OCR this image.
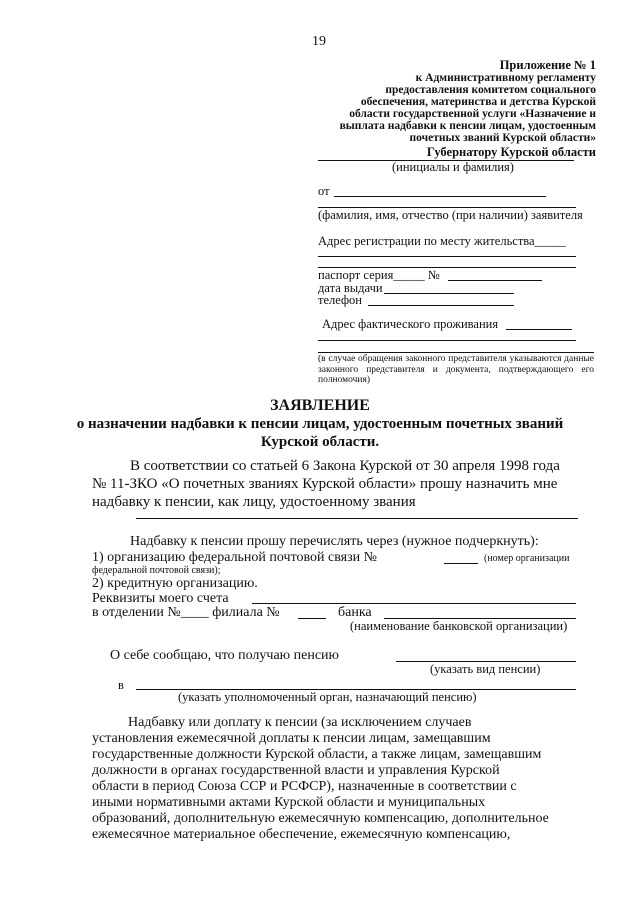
19
Приложение № 1
к Административному регламенту
предоставления комитетом социального
обеспечения, материнства и детства Курской
области государственной услуги «Назначение и
выплата надбавки к пенсии лицам, удостоенным
почетных званий Курской области»
Губернатору Курской области
(инициалы и фамилия)
от
(фамилия, имя, отчество (при наличии) заявителя
Адрес регистрации по месту жительства_____
паспорт серия_____ №
дата выдачи
телефон
Адрес фактического проживания
(в случае обращения законного представителя указываются данные законного представителя и документа, подтверждающего его полномочия)
ЗАЯВЛЕНИЕ
о назначении надбавки к пенсии лицам, удостоенным почетных званий
Курской области.
В соответствии со статьей 6 Закона Курской от 30 апреля 1998 года
№ 11-ЗКО «О почетных званиях Курской области» прошу назначить мне
надбавку к пенсии, как лицу, удостоенному звания
Надбавку к пенсии прошу перечислять через (нужное подчеркнуть):
1) организацию федеральной почтовой связи №	(номер организации
федеральной почтовой связи);
2) кредитную организацию.
Реквизиты моего счета
в отделении №____ филиала №	банка
(наименование банковской организации)
О себе сообщаю, что получаю пенсию
(указать вид пенсии)
в
(указать уполномоченный орган, назначающий пенсию)
Надбавку или доплату к пенсии (за исключением случаев
установления ежемесячной доплаты к пенсии лицам, замещавшим
государственные должности Курской области, а также лицам, замещавшим
должности в органах государственной власти и управления Курской
области в период Союза ССР и РСФСР), назначенные в соответствии с
иными нормативными актами Курской области и муниципальных
образований, дополнительную ежемесячную компенсацию, дополнительное
ежемесячное материальное обеспечение, ежемесячную компенсацию,
